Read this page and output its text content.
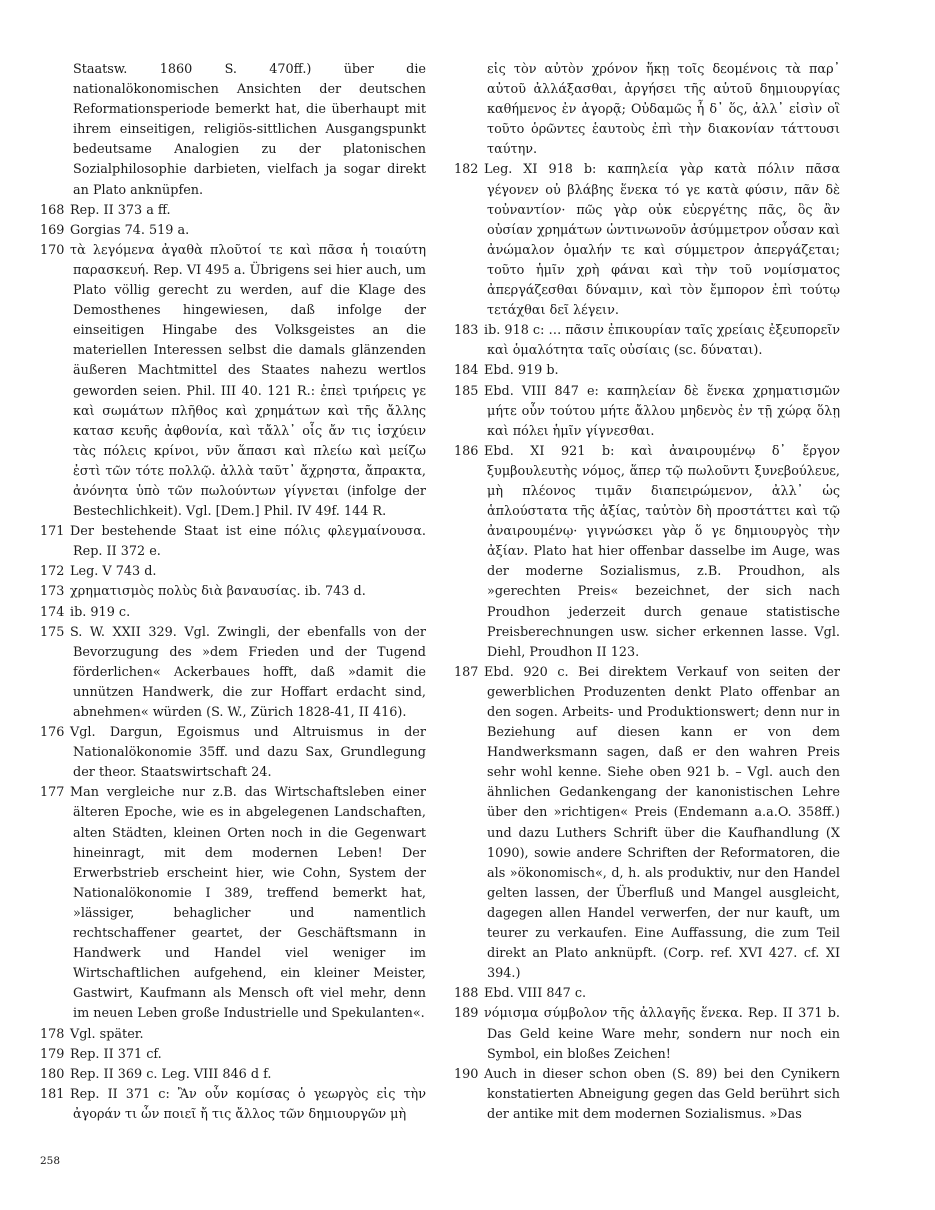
Staatsw. 1860 S. 470ff.) über die nationalökonomischen Ansichten der deutschen Reformationsperiode bemerkt hat, die überhaupt mit ihrem einseitigen, religiös-sittlichen Ausgangspunkt bedeutsame Analogien zu der platonischen Sozialphilosophie darbieten, vielfach ja sogar direkt an Plato anknüpfen.

168 Rep. II 373 a ff.

169 Gorgias 74. 519 a.

170 τὰ λεγόμενα ἀγαθὰ πλοῦτοί τε καὶ πᾶσα ἡ τοιαύτη παρασκευή. Rep. VI 495 a. Übrigens sei hier auch, um Plato völlig gerecht zu werden, auf die Klage des Demosthenes hingewiesen, daß infolge der einseitigen Hingabe des Volksgeistes an die materiellen Interessen selbst die damals glänzenden äußeren Machtmittel des Staates nahezu wertlos geworden seien. Phil. III 40. 121 R.: ἐπεὶ τριήρεις γε καὶ σωμάτων πλῆθος καὶ χρημάτων καὶ τῆς ἄλλης κατασ κευῆς ἀφθονία, καὶ τἄλλ᾽ οἷς ἄν τις ἰσχύειν τὰς πόλεις κρίνοι, νῦν ἅπασι καὶ πλείω καὶ μείζω ἐστὶ τῶν τότε πολλῷ. ἀλλὰ ταῦτ᾽ ἄχρηστα, ἄπρακτα, ἀνόνητα ὑπὸ τῶν πωλούντων γίγνεται (infolge der Bestechlichkeit). Vgl. [Dem.] Phil. IV 49f. 144 R.

171 Der bestehende Staat ist eine πόλις φλεγμαίνουσα. Rep. II 372 e.

172 Leg. V 743 d.

173 χρηματισμὸς πολὺς διὰ βαναυσίας. ib. 743 d.

174 ib. 919 c.

175 S. W. XXII 329. Vgl. Zwingli, der ebenfalls von der Bevorzugung des »dem Frieden und der Tugend förderlichen« Ackerbaues hofft, daß »damit die unnützen Handwerk, die zur Hoffart erdacht sind, abnehmen« würden (S. W., Zürich 1828-41, II 416).

176 Vgl. Dargun, Egoismus und Altruismus in der Nationalökonomie 35ff. und dazu Sax, Grundlegung der theor. Staatswirtschaft 24.

177 Man vergleiche nur z.B. das Wirtschaftsleben einer älteren Epoche, wie es in abgelegenen Landschaften, alten Städten, kleinen Orten noch in die Gegenwart hineinragt, mit dem modernen Leben! Der Erwerbstrieb erscheint hier, wie Cohn, System der Nationalökonomie I 389, treffend bemerkt hat, »lässiger, behaglicher und namentlich rechtschaffener geartet, der Geschäftsmann in Handwerk und Handel viel weniger im Wirtschaftlichen aufgehend, ein kleiner Meister, Gastwirt, Kaufmann als Mensch oft viel mehr, denn im neuen Leben große Industrielle und Spekulanten«.

178 Vgl. später.

179 Rep. II 371 cf.

180 Rep. II 369 c. Leg. VIII 846 d f.

181 Rep. II 371 c: Ἂν οὖν κομίσας ὁ γεωργὸς εἰς τὴν ἀγοράν τι ὧν ποιεῖ ἤ τις ἄλλος τῶν δημιουργῶν μὴ

εἰς τὸν αὐτὸν χρόνον ἥκῃ τοῖς δεομένοις τὰ παρ᾽ αὐτοῦ ἀλλάξασθαι, ἀργήσει τῆς αὑτοῦ δημιουργίας καθήμενος ἐν ἀγορᾷ; Οὐδαμῶς ἦ δ᾽ ὅς, ἀλλ᾽ εἰσὶν οἳ τοῦτο ὁρῶντες ἑαυτοὺς ἐπὶ τὴν διακονίαν τάττουσι ταύτην.

182 Leg. XI 918 b: καπηλεία γὰρ κατὰ πόλιν πᾶσα γέγονεν οὐ βλάβης ἕνεκα τό γε κατὰ φύσιν, πᾶν δὲ τοὐναντίον· πῶς γὰρ οὐκ εὐεργέτης πᾶς, ὃς ἂν οὐσίαν χρημάτων ὡντινωνοῦν ἀσύμμετρον οὖσαν καὶ ἀνώμαλον ὁμαλήν τε καὶ σύμμετρον ἀπεργάζεται; τοῦτο ἡμῖν χρὴ φάναι καὶ τὴν τοῦ νομίσματος ἀπεργάζεσθαι δύναμιν, καὶ τὸν ἔμπορον ἐπὶ τούτῳ τετάχθαι δεῖ λέγειν.

183 ib. 918 c: … πᾶσιν ἐπικουρίαν ταῖς χρείαις ἐξευπορεῖν καὶ ὁμαλότητα ταῖς οὐσίαις (sc. δύναται).

184 Ebd. 919 b.

185 Ebd. VIII 847 e: καπηλείαν δὲ ἕνεκα χρηματισμῶν μήτε οὖν τούτου μήτε ἄλλου μηδενὸς ἐν τῇ χώρᾳ ὅλῃ καὶ πόλει ἡμῖν γίγνεσθαι.

186 Ebd. XI 921 b: καὶ ἀναιρουμένῳ δ᾽ ἔργον ξυμβουλευτὴς νόμος, ἅπερ τῷ πωλοῦντι ξυνεβούλευε, μὴ πλέονος τιμᾶν διαπειρώμενον, ἀλλ᾽ ὡς ἁπλούστατα τῆς ἀξίας, ταὐτὸν δὴ προστάττει καὶ τῷ ἀναιρουμένῳ· γιγνώσκει γὰρ ὅ γε δημιουργὸς τὴν ἀξίαν. Plato hat hier offenbar dasselbe im Auge, was der moderne Sozialismus, z.B. Proudhon, als »gerechten Preis« bezeichnet, der sich nach Proudhon jederzeit durch genaue statistische Preisberechnungen usw. sicher erkennen lasse. Vgl. Diehl, Proudhon II 123.

187 Ebd. 920 c. Bei direktem Verkauf von seiten der gewerblichen Produzenten denkt Plato offenbar an den sogen. Arbeits- und Produktionswert; denn nur in Beziehung auf diesen kann er von dem Handwerksmann sagen, daß er den wahren Preis sehr wohl kenne. Siehe oben 921 b. – Vgl. auch den ähnlichen Gedankengang der kanonistischen Lehre über den »richtigen« Preis (Endemann a.a.O. 358ff.) und dazu Luthers Schrift über die Kaufhandlung (X 1090), sowie andere Schriften der Reformatoren, die als »ökonomisch«, d, h. als produktiv, nur den Handel gelten lassen, der Überfluß und Mangel ausgleicht, dagegen allen Handel verwerfen, der nur kauft, um teurer zu verkaufen. Eine Auffassung, die zum Teil direkt an Plato anknüpft. (Corp. ref. XVI 427. cf. XI 394.)

188 Ebd. VIII 847 c.

189 νόμισμα σύμβολον τῆς ἀλλαγῆς ἕνεκα. Rep. II 371 b. Das Geld keine Ware mehr, sondern nur noch ein Symbol, ein bloßes Zeichen!

190 Auch in dieser schon oben (S. 89) bei den Cynikern konstatierten Abneigung gegen das Geld berührt sich der antike mit dem modernen Sozialismus. »Das

258
